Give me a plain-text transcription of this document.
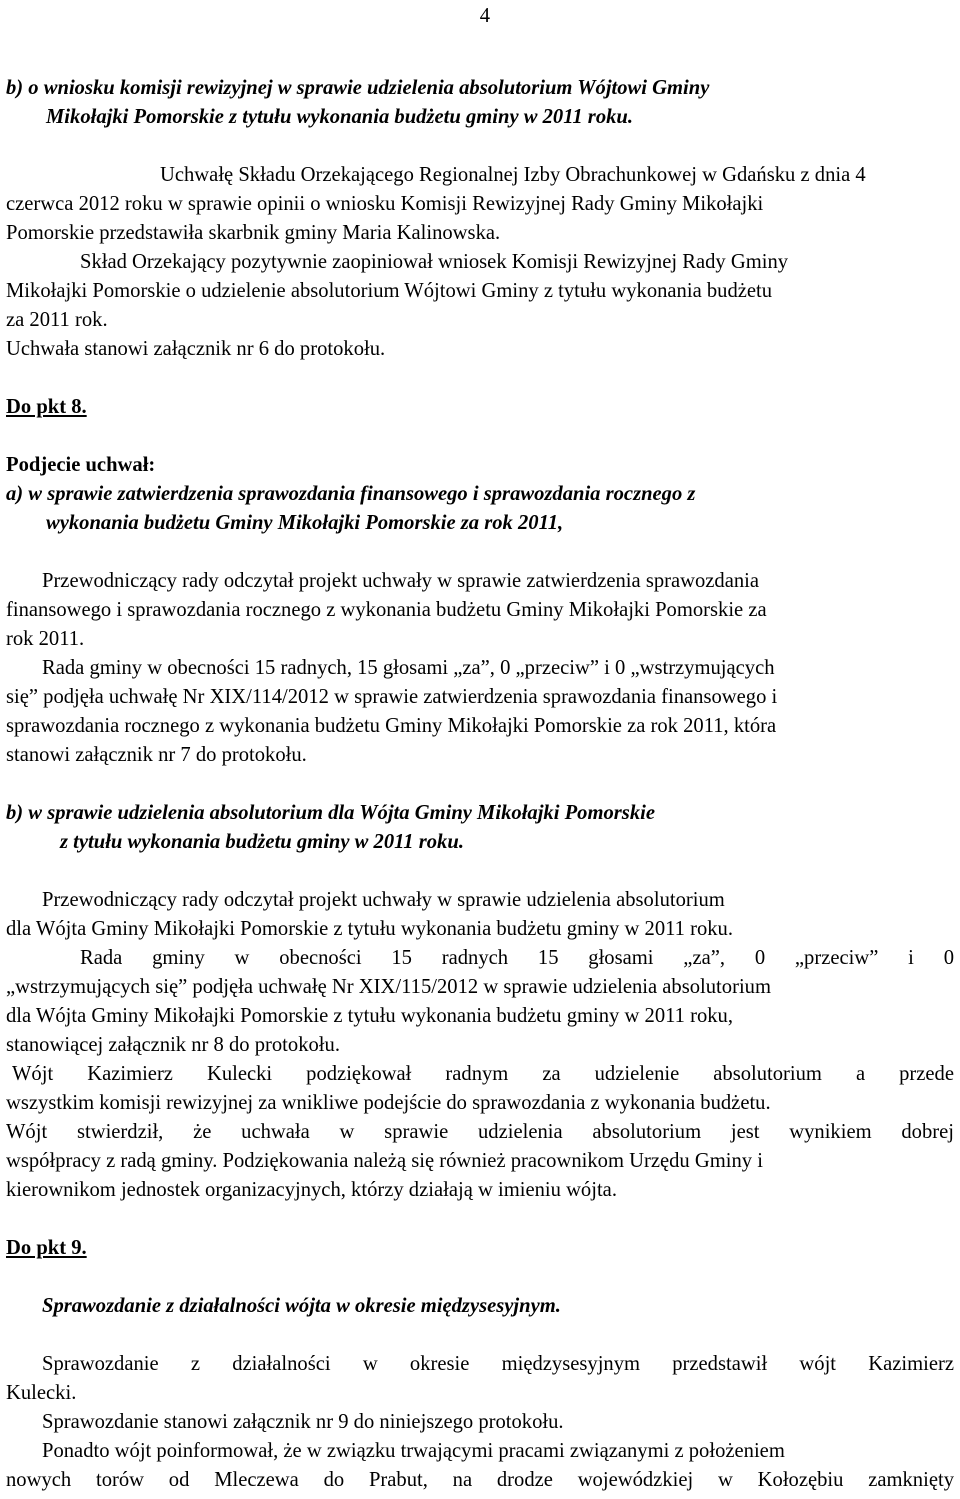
4
b) o wniosku komisji rewizyjnej w sprawie udzielenia absolutorium Wójtowi Gminy
Mikołajki Pomorskie z tytułu wykonania budżetu gminy w 2011 roku.
Uchwałę Składu Orzekającego Regionalnej Izby Obrachunkowej w Gdańsku z dnia 4
czerwca 2012 roku w sprawie opinii o wniosku Komisji Rewizyjnej Rady Gminy Mikołajki
Pomorskie przedstawiła skarbnik gminy Maria Kalinowska.
Skład Orzekający pozytywnie zaopiniował wniosek Komisji Rewizyjnej Rady Gminy
Mikołajki Pomorskie o udzielenie absolutorium Wójtowi Gminy z tytułu wykonania budżetu
za 2011 rok.
Uchwała stanowi załącznik nr 6 do protokołu.
Do pkt 8.
Podjecie uchwał:
a) w sprawie zatwierdzenia sprawozdania finansowego i sprawozdania rocznego z
wykonania budżetu Gminy Mikołajki Pomorskie za rok 2011,
Przewodniczący rady odczytał projekt uchwały w sprawie zatwierdzenia sprawozdania
finansowego i sprawozdania rocznego z wykonania budżetu Gminy Mikołajki Pomorskie za
rok 2011.
Rada gminy w obecności 15 radnych, 15 głosami „za”, 0 „przeciw” i 0 „wstrzymujących
się” podjęła uchwałę Nr XIX/114/2012 w sprawie zatwierdzenia sprawozdania finansowego i
sprawozdania rocznego z wykonania budżetu Gminy Mikołajki Pomorskie za rok 2011, która
stanowi załącznik nr 7 do protokołu.
b) w sprawie udzielenia absolutorium dla Wójta Gminy Mikołajki Pomorskie
z tytułu wykonania budżetu gminy w 2011 roku.
Przewodniczący rady odczytał projekt uchwały w sprawie udzielenia absolutorium
dla Wójta Gminy Mikołajki Pomorskie z tytułu wykonania budżetu gminy w 2011 roku.
Rada gminy w obecności 15 radnych 15 głosami „za”, 0 „przeciw” i 0
„wstrzymujących się” podjęła uchwałę Nr XIX/115/2012 w sprawie udzielenia absolutorium
dla Wójta Gminy Mikołajki Pomorskie z tytułu wykonania budżetu gminy w 2011 roku,
stanowiącej załącznik nr 8 do protokołu.
Wójt Kazimierz Kulecki podziękował radnym za udzielenie absolutorium a przede
wszystkim komisji rewizyjnej za wnikliwe podejście do sprawozdania z wykonania budżetu.
Wójt stwierdził, że uchwała w sprawie udzielenia absolutorium jest wynikiem dobrej
współpracy z radą gminy. Podziękowania należą się również pracownikom Urzędu Gminy i
kierownikom jednostek organizacyjnych, którzy działają w imieniu wójta.
Do pkt 9.
Sprawozdanie z działalności wójta w okresie międzysesyjnym.
Sprawozdanie z działalności w okresie międzysesyjnym przedstawił wójt Kazimierz
Kulecki.
Sprawozdanie stanowi załącznik nr 9 do niniejszego protokołu.
Ponadto wójt poinformował, że w związku trwającymi pracami związanymi z położeniem
nowych torów od Mleczewa do Prabut, na drodze wojewódzkiej w Kołozębiu zamknięty
